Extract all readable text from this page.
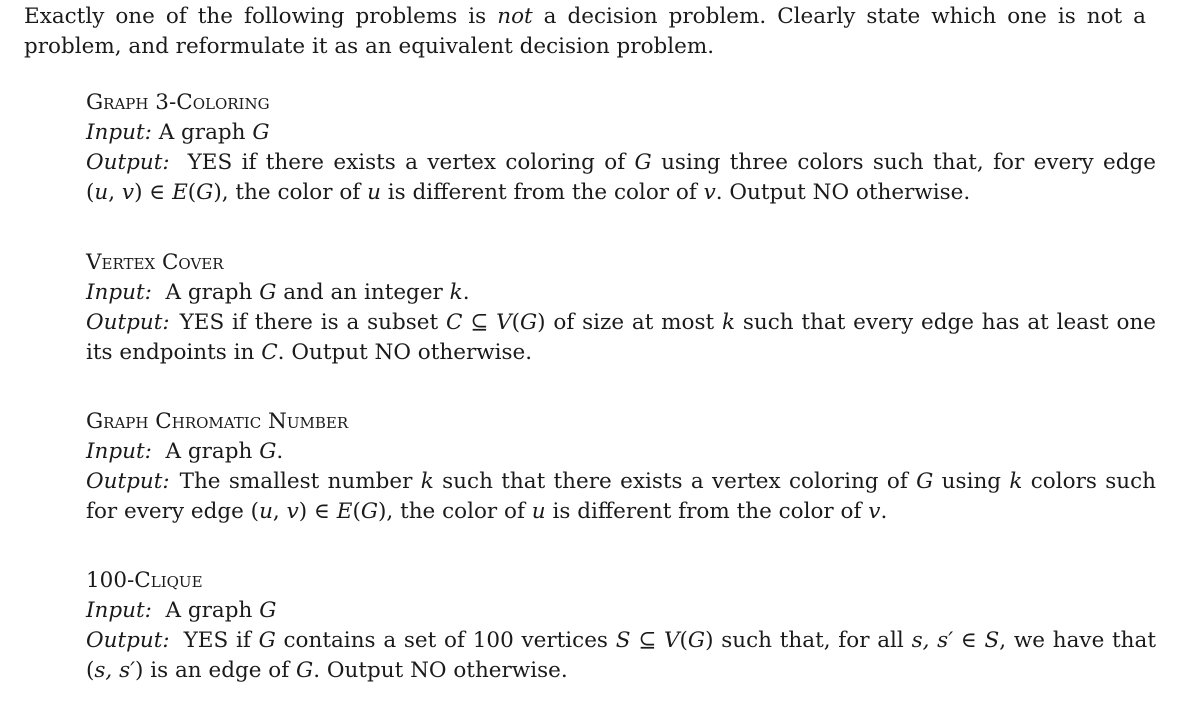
Exactly one of the following problems is not a decision problem. Clearly state which one is not a
problem, and reformulate it as an equivalent decision problem.
Graph 3-Coloring
Input: A graph G
Output: YES if there exists a vertex coloring of G using three colors such that, for every edge
(u, v) ∈ E(G), the color of u is different from the color of v. Output NO otherwise.
Vertex Cover
Input: A graph G and an integer k.
Output: YES if there is a subset C ⊆ V(G) of size at most k such that every edge has at least one
its endpoints in C. Output NO otherwise.
Graph Chromatic Number
Input: A graph G.
Output: The smallest number k such that there exists a vertex coloring of G using k colors such
for every edge (u, v) ∈ E(G), the color of u is different from the color of v.
100-Clique
Input: A graph G
Output: YES if G contains a set of 100 vertices S ⊆ V(G) such that, for all s, s′ ∈ S, we have that
(s, s′) is an edge of G. Output NO otherwise.
